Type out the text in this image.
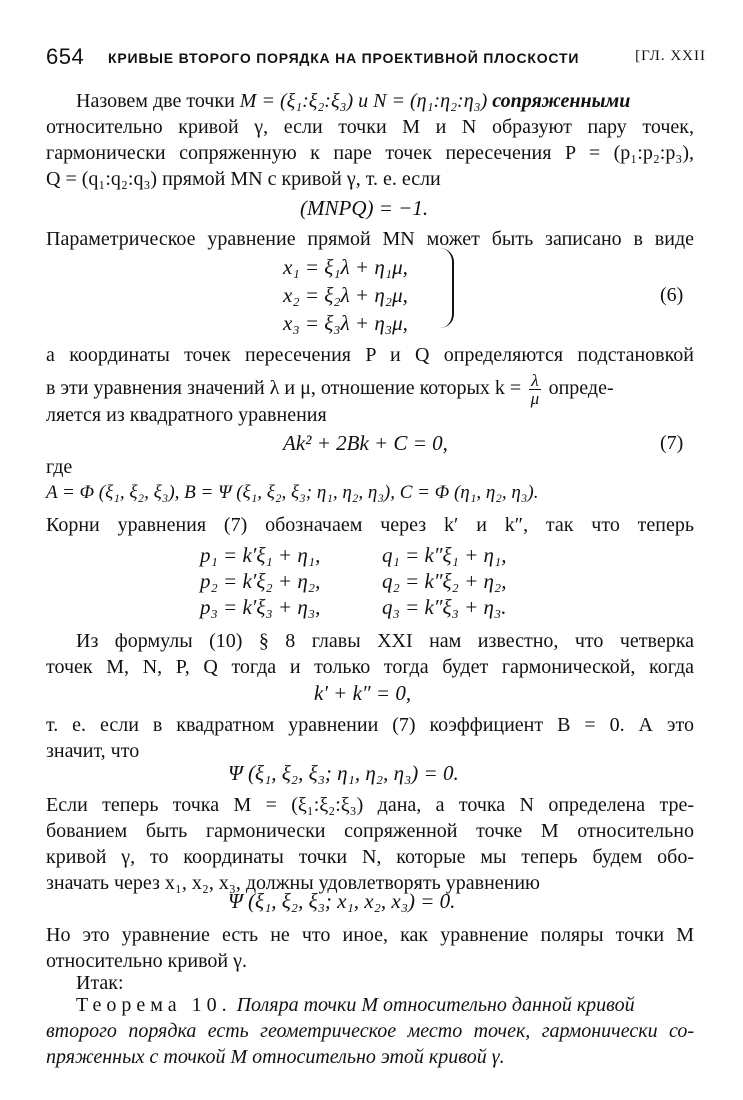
654 КРИВЫЕ ВТОРОГО ПОРЯДКА НА ПРОЕКТИВНОЙ ПЛОСКОСТИ	[ГЛ. XXII
Назовем две точки M = (ξ₁:ξ₂:ξ₃) и N = (η₁:η₂:η₃) сопряженными
относительно кривой γ, если точки M и N образуют пару точек,
гармонически сопряженную к паре точек пересечения P = (p₁:p₂:p₃),
Q = (q₁:q₂:q₃) прямой MN с кривой γ, т. е. если
(MNPQ) = −1.
Параметрическое уравнение прямой MN может быть записано в виде
x₁ = ξ₁λ + η₁μ,
x₂ = ξ₂λ + η₂μ,
x₃ = ξ₃λ + η₃μ,
(6)
а координаты точек пересечения P и Q определяются подстановкой
в эти уравнения значений λ и μ, отношение которых $k = \frac{\lambda}{\mu}$ опреде-
ляется из квадратного уравнения
Ak² + 2Bk + C = 0,	(7)
где
A = Φ (ξ₁, ξ₂, ξ₃), B = Ψ (ξ₁, ξ₂, ξ₃; η₁, η₂, η₃), C = Φ (η₁, η₂, η₃).
Корни уравнения (7) обозначаем через k′ и k″, так что теперь
p₁ = k′ξ₁ + η₁,	q₁ = k″ξ₁ + η₁,
p₂ = k′ξ₂ + η₂,	q₂ = k″ξ₂ + η₂,
p₃ = k′ξ₃ + η₃,	q₃ = k″ξ₃ + η₃.
Из формулы (10) § 8 главы XXI нам известно, что четверка
точек M, N, P, Q тогда и только тогда будет гармонической, когда
k′ + k″ = 0,
т. е. если в квадратном уравнении (7) коэффициент B = 0. А это
значит, что
Ψ (ξ₁, ξ₂, ξ₃; η₁, η₂, η₃) = 0.
Если теперь точка M = (ξ₁:ξ₂:ξ₃) дана, а точка N определена тре-
бованием быть гармонически сопряженной точке M относительно
кривой γ, то координаты точки N, которые мы теперь будем обо-
значать через x₁, x₂, x₃, должны удовлетворять уравнению
Ψ (ξ₁, ξ₂, ξ₃; x₁, x₂, x₃) = 0.
Но это уравнение есть не что иное, как уравнение поляры точки M
относительно кривой γ.
Итак:
Теорема 10. Поляра точки M относительно данной кривой
второго порядка есть геометрическое место точек, гармонически со-
пряженных с точкой M относительно этой кривой γ.
